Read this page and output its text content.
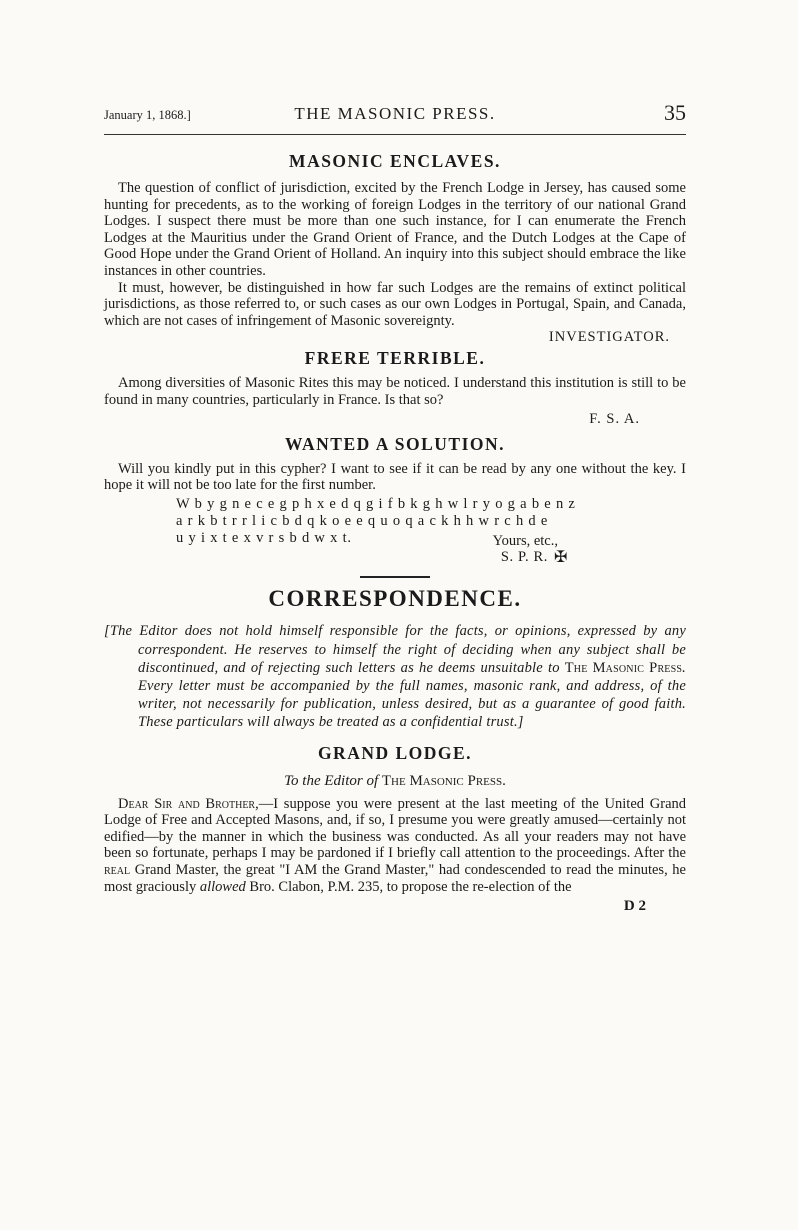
January 1, 1868.]	THE MASONIC PRESS.	35
MASONIC ENCLAVES.

The question of conflict of jurisdiction, excited by the French Lodge in Jersey, has caused some hunting for precedents, as to the working of foreign Lodges in the territory of our national Grand Lodges. I suspect there must be more than one such instance, for I can enumerate the French Lodges at the Mauritius under the Grand Orient of France, and the Dutch Lodges at the Cape of Good Hope under the Grand Orient of Holland. An inquiry into this subject should embrace the like instances in other countries.

It must, however, be distinguished in how far such Lodges are the remains of extinct political jurisdictions, as those referred to, or such cases as our own Lodges in Portugal, Spain, and Canada, which are not cases of infringement of Masonic sovereignty.

INVESTIGATOR.

FRERE TERRIBLE.

Among diversities of Masonic Rites this may be noticed. I understand this institution is still to be found in many countries, particularly in France. Is that so?

F. S. A.

WANTED A SOLUTION.

Will you kindly put in this cypher? I want to see if it can be read by any one without the key. I hope it will not be too late for the first number.

W b y g n e c e g p h x e d q g i f b k g h w l r y o g a b e n z
a r k b t r r l i c b d q k o e e q u o q a c k h h w r c h d e
u y i x t e x v r s b d w x t.	Yours, etc.,

S. P. R. ✠

CORRESPONDENCE.

[The Editor does not hold himself responsible for the facts, or opinions, expressed by any correspondent. He reserves to himself the right of deciding when any subject shall be discontinued, and of rejecting such letters as he deems unsuitable to The Masonic Press. Every letter must be accompanied by the full names, masonic rank, and address, of the writer, not necessarily for publication, unless desired, but as a guarantee of good faith. These particulars will always be treated as a confidential trust.]

GRAND LODGE.

To the Editor of The Masonic Press.

Dear Sir and Brother,—I suppose you were present at the last meeting of the United Grand Lodge of Free and Accepted Masons, and, if so, I presume you were greatly amused—certainly not edified—by the manner in which the business was conducted. As all your readers may not have been so fortunate, perhaps I may be pardoned if I briefly call attention to the proceedings. After the real Grand Master, the great "I AM the Grand Master," had condescended to read the minutes, he most graciously allowed Bro. Clabon, P.M. 235, to propose the re-election of the

D 2
